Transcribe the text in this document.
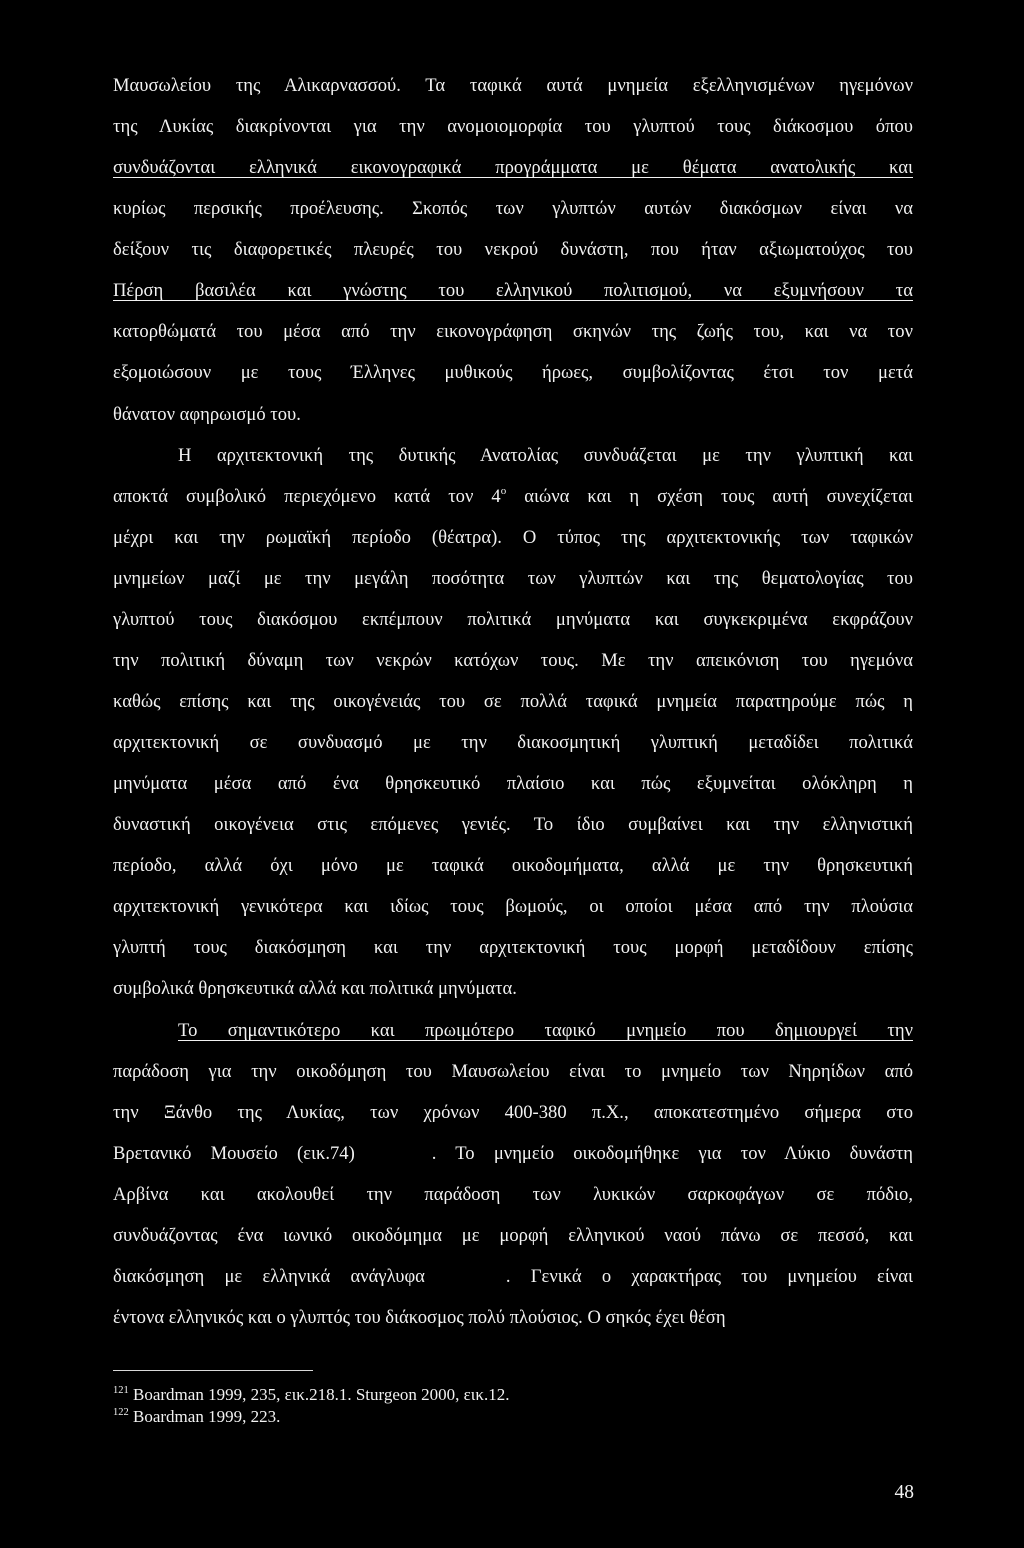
Μαυσωλείου της Αλικαρνασσού. Τα ταφικά αυτά μνημεία εξελληνισμένων ηγεμόνων
της Λυκίας διακρίνονται για την ανομοιομορφία του γλυπτού τους διάκοσμου όπου
συνδυάζονται ελληνικά εικονογραφικά προγράμματα με θέματα ανατολικής και
κυρίως περσικής προέλευσης. Σκοπός των γλυπτών αυτών διακόσμων είναι να
δείξουν τις διαφορετικές πλευρές του νεκρού δυνάστη, που ήταν αξιωματούχος του
Πέρση βασιλέα και γνώστης του ελληνικού πολιτισμού, να εξυμνήσουν τα
κατορθώματά του μέσα από την εικονογράφηση σκηνών της ζωής του, και να τον
εξομοιώσουν με τους Έλληνες μυθικούς ήρωες, συμβολίζοντας έτσι τον μετά
θάνατον αφηρωισμό του.
Η αρχιτεκτονική της δυτικής Ανατολίας συνδυάζεται με την γλυπτική και
αποκτά συμβολικό περιεχόμενο κατά τον $4^o$ αιώνα και η σχέση τους αυτή συνεχίζεται
μέχρι και την ρωμαϊκή περίοδο (θέατρα). Ο τύπος της αρχιτεκτονικής των ταφικών
μνημείων μαζί με την μεγάλη ποσότητα των γλυπτών και της θεματολογίας του
γλυπτού τους διακόσμου εκπέμπουν πολιτικά μηνύματα και συγκεκριμένα εκφράζουν
την πολιτική δύναμη των νεκρών κατόχων τους. Με την απεικόνιση του ηγεμόνα
καθώς επίσης και της οικογένειάς του σε πολλά ταφικά μνημεία παρατηρούμε πώς η
αρχιτεκτονική σε συνδυασμό με την διακοσμητική γλυπτική μεταδίδει πολιτικά
μηνύματα μέσα από ένα θρησκευτικό πλαίσιο και πώς εξυμνείται ολόκληρη η
δυναστική οικογένεια στις επόμενες γενιές. Το ίδιο συμβαίνει και την ελληνιστική
περίοδο, αλλά όχι μόνο με ταφικά οικοδομήματα, αλλά με την θρησκευτική
αρχιτεκτονική γενικότερα και ιδίως τους βωμούς, οι οποίοι μέσα από την πλούσια
γλυπτή τους διακόσμηση και την αρχιτεκτονική τους μορφή μεταδίδουν επίσης
συμβολικά θρησκευτικά αλλά και πολιτικά μηνύματα.
Το σημαντικότερο και πρωιμότερο ταφικό μνημείο που δημιουργεί την
παράδοση για την οικοδόμηση του Μαυσωλείου είναι το μνημείο των Νηρηίδων από
την Ξάνθο της Λυκίας, των χρόνων 400-380 π.Χ., αποκατεστημένο σήμερα στο
Βρετανικό Μουσείο (εικ.74)	. Το μνημείο οικοδομήθηκε για τον Λύκιο δυνάστη
Αρβίνα και ακολουθεί την παράδοση των λυκικών σαρκοφάγων σε πόδιο,
συνδυάζοντας ένα ιωνικό οικοδόμημα με μορφή ελληνικού ναού πάνω σε πεσσό, και
διακόσμηση με ελληνικά ανάγλυφα	. Γενικά ο χαρακτήρας του μνημείου είναι
έντονα ελληνικός και ο γλυπτός του διάκοσμος πολύ πλούσιος. Ο σηκός έχει θέση
$^{121}$ Boardman 1999, 235, εικ.218.1. Sturgeon 2000, εικ.12.
$^{122}$ Boardman 1999, 223.
48
